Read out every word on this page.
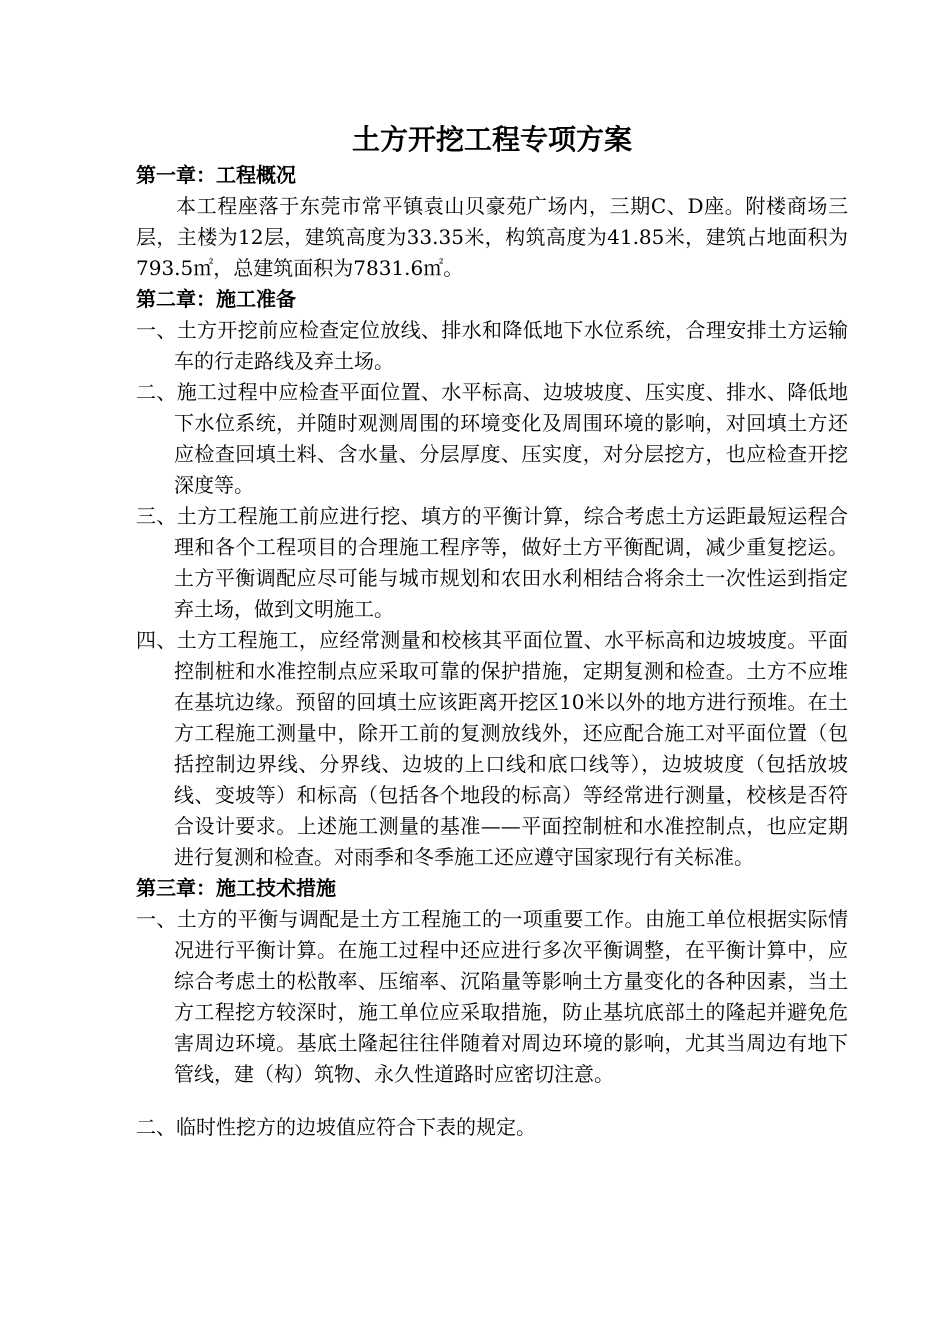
土方开挖工程专项方案

第一章：工程概况

本工程座落于东莞市常平镇袁山贝豪苑广场内，三期C、D座。附楼商场三层，主楼为12层，建筑高度为33.35米，构筑高度为41.85米，建筑占地面积为793.5㎡，总建筑面积为7831.6㎡。

第二章：施工准备

一、土方开挖前应检查定位放线、排水和降低地下水位系统，合理安排土方运输车的行走路线及弃土场。

二、施工过程中应检查平面位置、水平标高、边坡坡度、压实度、排水、降低地下水位系统，并随时观测周围的环境变化及周围环境的影响，对回填土方还应检查回填土料、含水量、分层厚度、压实度，对分层挖方，也应检查开挖深度等。

三、土方工程施工前应进行挖、填方的平衡计算，综合考虑土方运距最短运程合理和各个工程项目的合理施工程序等，做好土方平衡配调，减少重复挖运。土方平衡调配应尽可能与城市规划和农田水利相结合将余土一次性运到指定弃土场，做到文明施工。

四、土方工程施工，应经常测量和校核其平面位置、水平标高和边坡坡度。平面控制桩和水准控制点应采取可靠的保护措施，定期复测和检查。土方不应堆在基坑边缘。预留的回填土应该距离开挖区10米以外的地方进行预堆。在土方工程施工测量中，除开工前的复测放线外，还应配合施工对平面位置（包括控制边界线、分界线、边坡的上口线和底口线等），边坡坡度（包括放坡线、变坡等）和标高（包括各个地段的标高）等经常进行测量，校核是否符合设计要求。上述施工测量的基准——平面控制桩和水准控制点，也应定期进行复测和检查。对雨季和冬季施工还应遵守国家现行有关标准。

第三章：施工技术措施

一、土方的平衡与调配是土方工程施工的一项重要工作。由施工单位根据实际情况进行平衡计算。在施工过程中还应进行多次平衡调整，在平衡计算中，应综合考虑土的松散率、压缩率、沉陷量等影响土方量变化的各种因素，当土方工程挖方较深时，施工单位应采取措施，防止基坑底部土的隆起并避免危害周边环境。基底土隆起往往伴随着对周边环境的影响，尤其当周边有地下管线，建（构）筑物、永久性道路时应密切注意。

二、临时性挖方的边坡值应符合下表的规定。
